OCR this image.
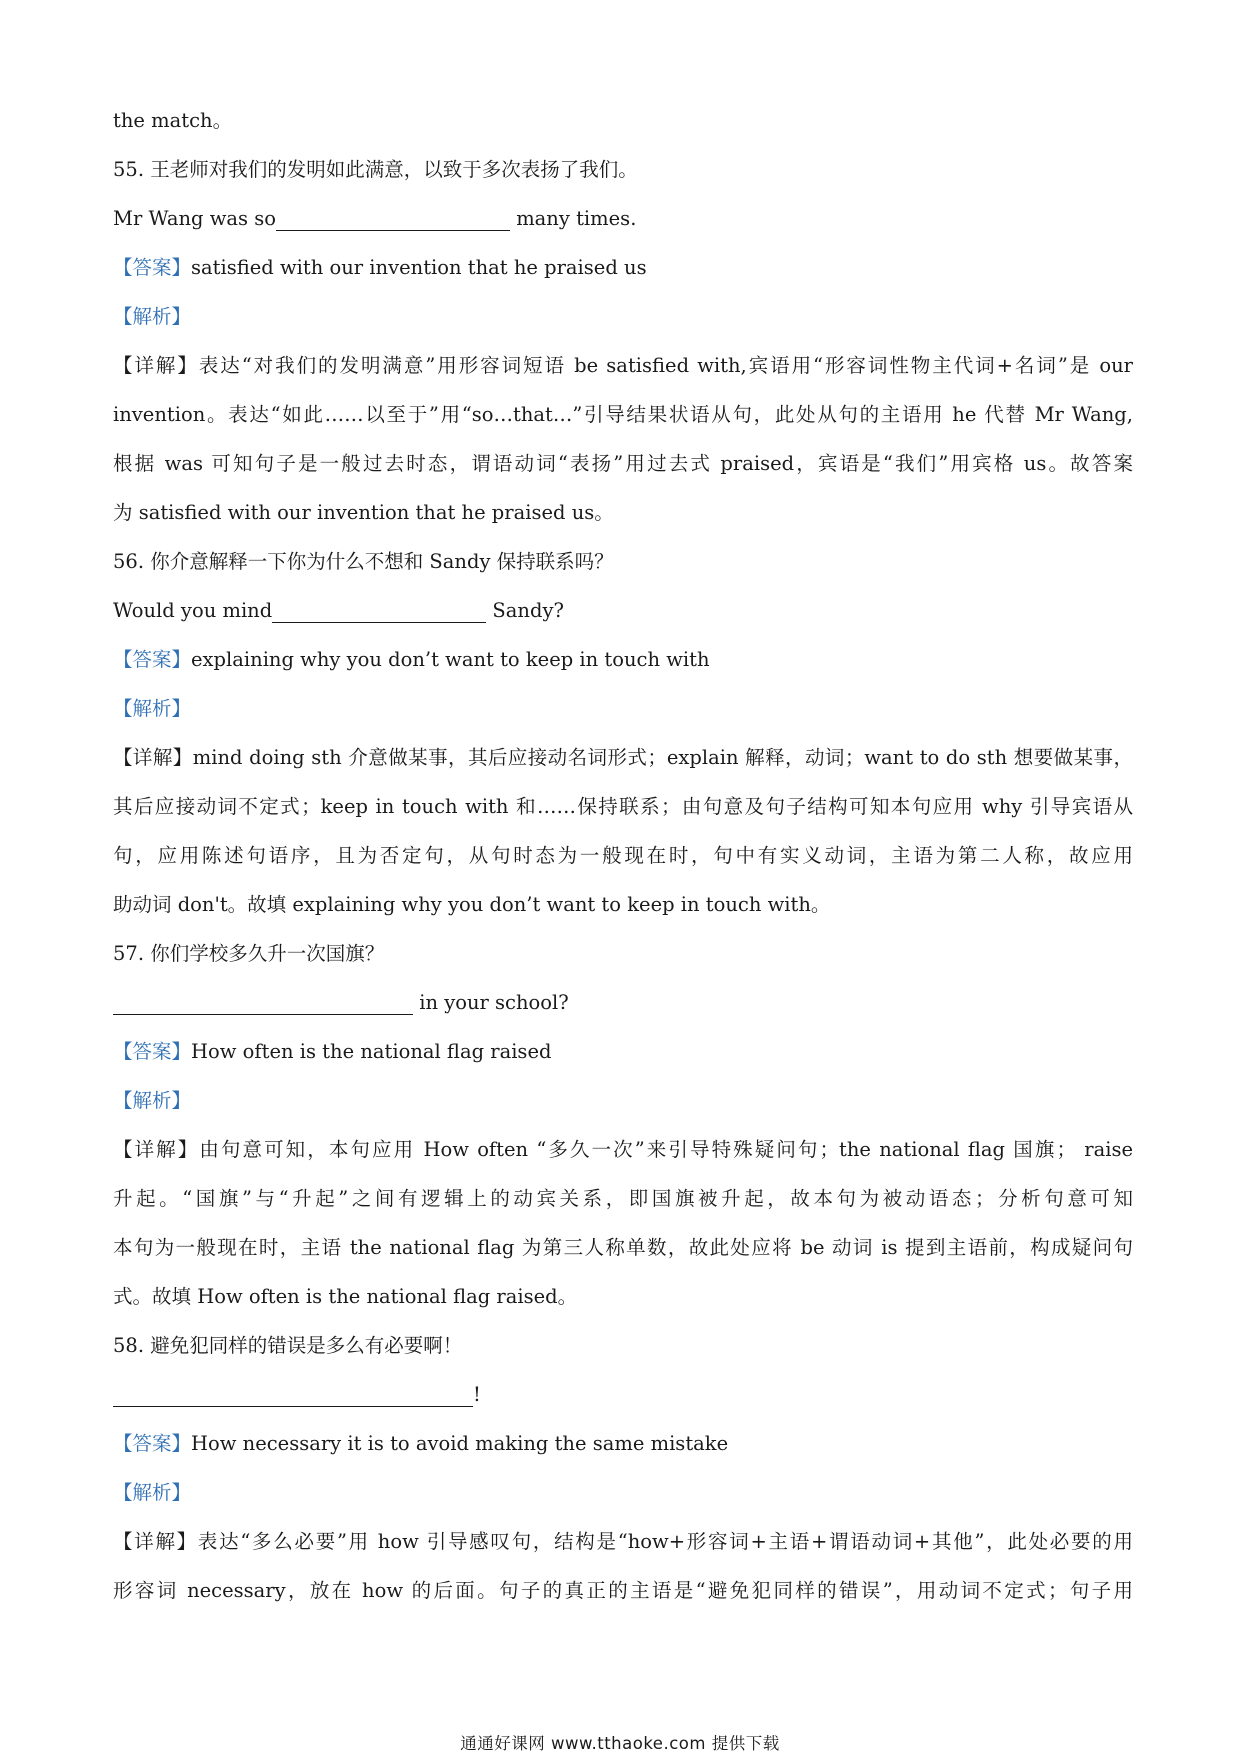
the match。
55. 王老师对我们的发明如此满意，以致于多次表扬了我们。
Mr Wang was so	many times.
【答案】satisfied with our invention that he praised us
【解析】
【详解】表达“对我们的发明满意”用形容词短语 be satisfied with,宾语用“形容词性物主代词+名词”是 our
invention。表达“如此……以至于”用“so…that…”引导结果状语从句，此处从句的主语用 he 代替 Mr Wang,
根据 was 可知句子是一般过去时态，谓语动词“表扬”用过去式 praised，宾语是“我们”用宾格 us。故答案
为 satisfied with our invention that he praised us。
56. 你介意解释一下你为什么不想和 Sandy 保持联系吗？
Would you mind	Sandy?
【答案】explaining why you don’t want to keep in touch with
【解析】
【详解】mind doing sth 介意做某事，其后应接动名词形式；explain 解释，动词；want to do sth 想要做某事，
其后应接动词不定式；keep in touch with 和……保持联系；由句意及句子结构可知本句应用 why 引导宾语从
句，应用陈述句语序，且为否定句，从句时态为一般现在时，句中有实义动词，主语为第二人称，故应用
助动词 don't。故填 explaining why you don’t want to keep in touch with。
57. 你们学校多久升一次国旗？
in your school?
【答案】How often is the national flag raised
【解析】
【详解】由句意可知，本句应用 How often “多久一次”来引导特殊疑问句；the national flag 国旗； raise
升起。“国旗”与“升起”之间有逻辑上的动宾关系，即国旗被升起，故本句为被动语态；分析句意可知
本句为一般现在时，主语 the national flag 为第三人称单数，故此处应将 be 动词 is 提到主语前，构成疑问句
式。故填 How often is the national flag raised。
58. 避免犯同样的错误是多么有必要啊！
!
【答案】How necessary it is to avoid making the same mistake
【解析】
【详解】表达“多么必要”用 how 引导感叹句，结构是“how+形容词+主语+谓语动词+其他”，此处必要的用
形容词 necessary，放在 how 的后面。句子的真正的主语是“避免犯同样的错误”，用动词不定式；句子用
通通好课网 www.tthaoke.com 提供下载
